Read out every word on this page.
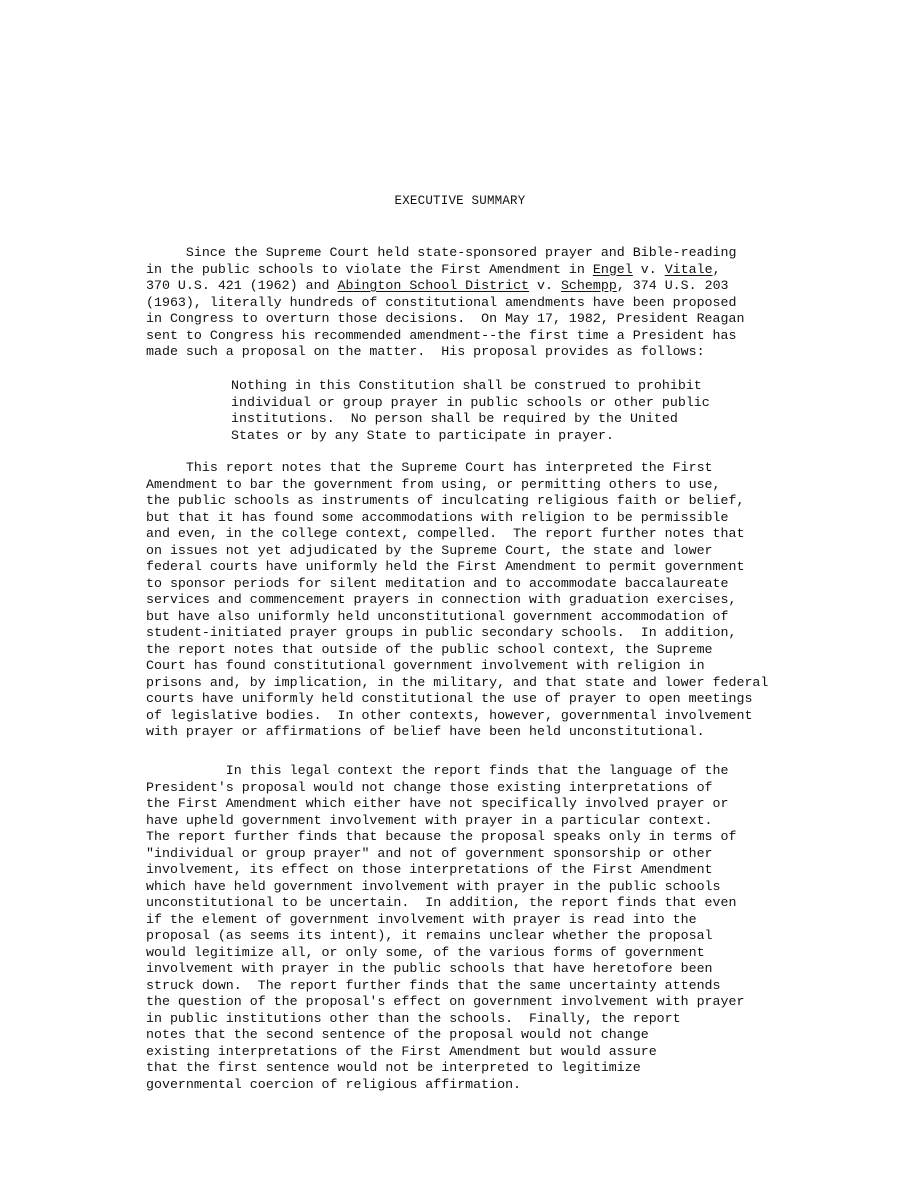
EXECUTIVE SUMMARY
Since the Supreme Court held state-sponsored prayer and Bible-reading
in the public schools to violate the First Amendment in Engel v. Vitale,
370 U.S. 421 (1962) and Abington School District v. Schempp, 374 U.S. 203
(1963), literally hundreds of constitutional amendments have been proposed
in Congress to overturn those decisions.  On May 17, 1982, President Reagan
sent to Congress his recommended amendment--the first time a President has
made such a proposal on the matter.  His proposal provides as follows:
Nothing in this Constitution shall be construed to prohibit
individual or group prayer in public schools or other public
institutions.  No person shall be required by the United
States or by any State to participate in prayer.
This report notes that the Supreme Court has interpreted the First
Amendment to bar the government from using, or permitting others to use,
the public schools as instruments of inculcating religious faith or belief,
but that it has found some accommodations with religion to be permissible
and even, in the college context, compelled.  The report further notes that
on issues not yet adjudicated by the Supreme Court, the state and lower
federal courts have uniformly held the First Amendment to permit government
to sponsor periods for silent meditation and to accommodate baccalaureate
services and commencement prayers in connection with graduation exercises,
but have also uniformly held unconstitutional government accommodation of
student-initiated prayer groups in public secondary schools.  In addition,
the report notes that outside of the public school context, the Supreme
Court has found constitutional government involvement with religion in
prisons and, by implication, in the military, and that state and lower federal
courts have uniformly held constitutional the use of prayer to open meetings
of legislative bodies.  In other contexts, however, governmental involvement
with prayer or affirmations of belief have been held unconstitutional.
In this legal context the report finds that the language of the
President's proposal would not change those existing interpretations of
the First Amendment which either have not specifically involved prayer or
have upheld government involvement with prayer in a particular context.
The report further finds that because the proposal speaks only in terms of
"individual or group prayer" and not of government sponsorship or other
involvement, its effect on those interpretations of the First Amendment
which have held government involvement with prayer in the public schools
unconstitutional to be uncertain.  In addition, the report finds that even
if the element of government involvement with prayer is read into the
proposal (as seems its intent), it remains unclear whether the proposal
would legitimize all, or only some, of the various forms of government
involvement with prayer in the public schools that have heretofore been
struck down.  The report further finds that the same uncertainty attends
the question of the proposal's effect on government involvement with prayer
in public institutions other than the schools.  Finally, the report
notes that the second sentence of the proposal would not change
existing interpretations of the First Amendment but would assure
that the first sentence would not be interpreted to legitimize
governmental coercion of religious affirmation.
